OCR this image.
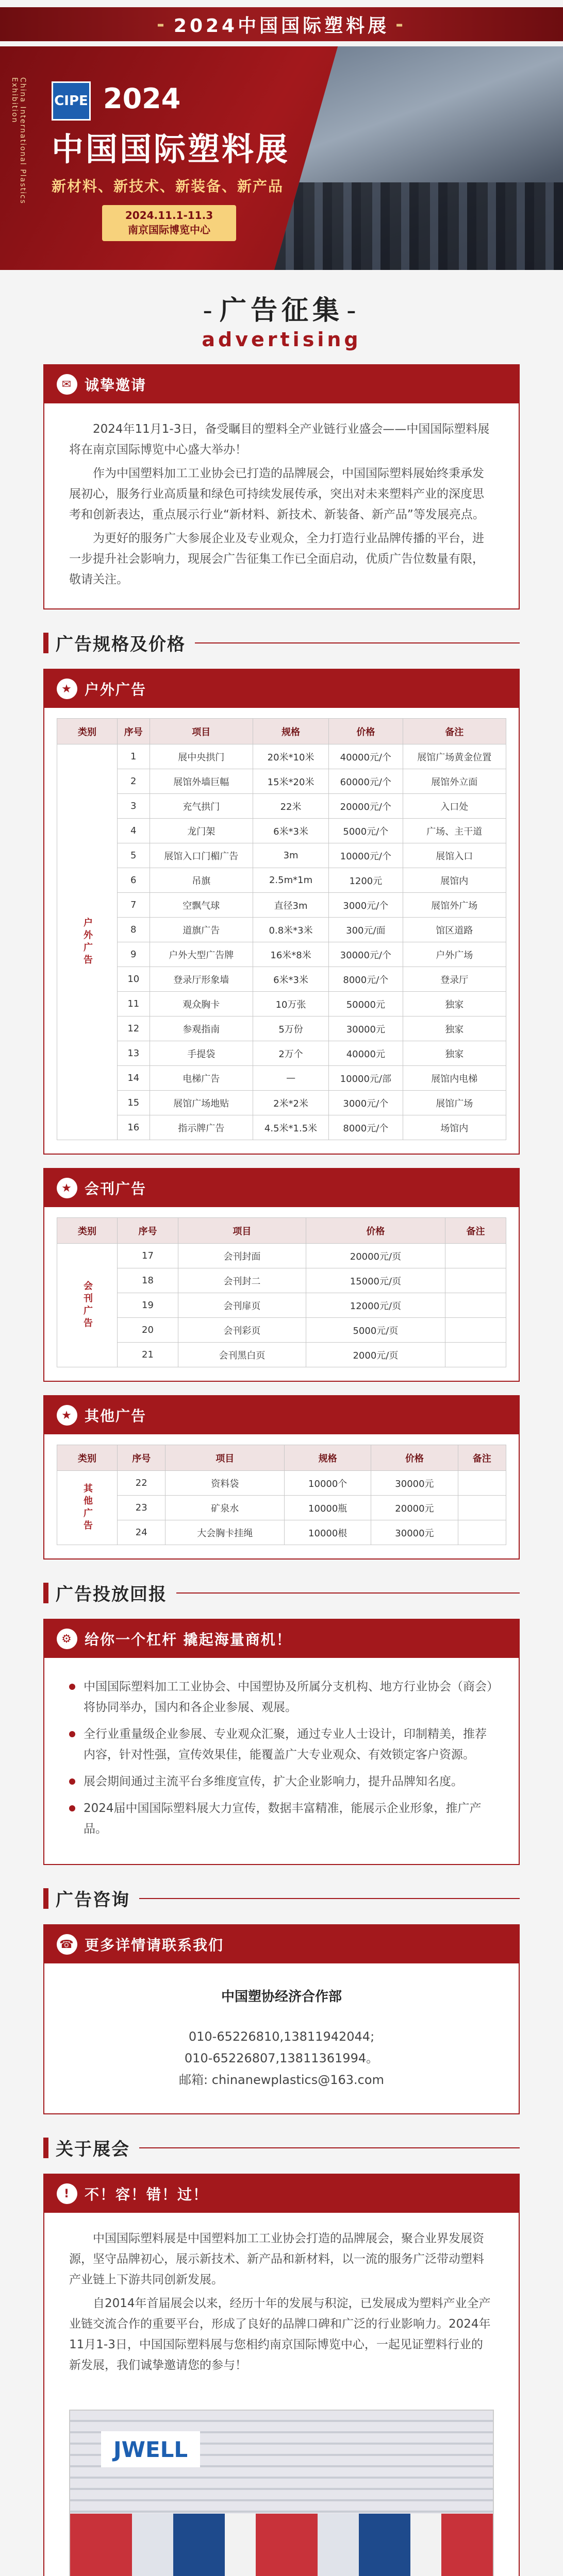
- 2024中国国际塑料展 -
China International Plastics Exhibition	CIPE 2024
中国国际塑料展
新材料、新技术、新装备、新产品
2024.11.1-11.3
南京国际博览中心
- 广告征集 -
advertising
✉ 诚挚邀请

2024年11月1-3日，备受瞩目的塑料全产业链行业盛会——中国国际塑料展将在南京国际博览中心盛大举办！

作为中国塑料加工工业协会已打造的品牌展会，中国国际塑料展始终秉承发展初心，服务行业高质量和绿色可持续发展传承，突出对未来塑料产业的深度思考和创新表达，重点展示行业“新材料、新技术、新装备、新产品”等发展亮点。

为更好的服务广大参展企业及专业观众，全力打造行业品牌传播的平台，进一步提升社会影响力，现展会广告征集工作已全面启动，优质广告位数量有限，敬请关注。

广告规格及价格
★ 户外广告
类别	序号	项目	规格	价格	备注
户外广告	1	展中央拱门	20米*10米	40000元/个	展馆广场黄金位置
	2	展馆外墙巨幅	15米*20米	60000元/个	展馆外立面
	3	充气拱门	22米	20000元/个	入口处
	4	龙门架	6米*3米	5000元/个	广场、主干道
	5	展馆入口门楣广告	3m	10000元/个	展馆入口
	6	吊旗	2.5m*1m	1200元	展馆内
	7	空飘气球	直径3m	3000元/个	展馆外广场
	8	道旗广告	0.8米*3米	300元/面	馆区道路
	9	户外大型广告牌	16米*8米	30000元/个	户外广场
	10	登录厅形象墙	6米*3米	8000元/个	登录厅
	11	观众胸卡	10万张	50000元	独家
	12	参观指南	5万份	30000元	独家
	13	手提袋	2万个	40000元	独家
	14	电梯广告	—	10000元/部	展馆内电梯
	15	展馆广场地贴	2米*2米	3000元/个	展馆广场
	16	指示牌广告	4.5米*1.5米	8000元/个	场馆内
★ 会刊广告
类别	序号	项目	价格	备注
会刊广告	17	会刊封面	20000元/页	
	18	会刊封二	15000元/页	
	19	会刊扉页	12000元/页	
	20	会刊彩页	5000元/页	
	21	会刊黑白页	2000元/页	
★ 其他广告
类别	序号	项目	规格	价格	备注
其他广告	22	资料袋	10000个	30000元	
	23	矿泉水	10000瓶	20000元	
	24	大会胸卡挂绳	10000根	30000元	
广告投放回报
⚙ 给你一个杠杆 撬起海量商机！
中国国际塑料加工工业协会、中国塑协及所属分支机构、地方行业协会（商会）将协同举办，国内和各企业参展、观展。
全行业重量级企业参展、专业观众汇聚，通过专业人士设计，印制精美，推荐内容，针对性强，宣传效果佳，能覆盖广大专业观众、有效锁定客户资源。
展会期间通过主流平台多维度宣传，扩大企业影响力，提升品牌知名度。
2024届中国国际塑料展大力宣传，数据丰富精准，能展示企业形象，推广产品。
广告咨询
☎ 更多详情请联系我们
中国塑协经济合作部
010-65226810,13811942044;
010-65226807,13811361994。
邮箱: chinanewplastics@163.com
关于展会
! 不！容！错！过！

中国国际塑料展是中国塑料加工工业协会打造的品牌展会，聚合业界发展资源，坚守品牌初心，展示新技术、新产品和新材料，以一流的服务广泛带动塑料产业链上下游共同创新发展。

自2014年首届展会以来，经历十年的发展与积淀，已发展成为塑料产业全产业链交流合作的重要平台，形成了良好的品牌口碑和广泛的行业影响力。2024年11月1-3日，中国国际塑料展与您相约南京国际博览中心，一起见证塑料行业的新发展，我们诚挚邀请您的参与！

JWELL
